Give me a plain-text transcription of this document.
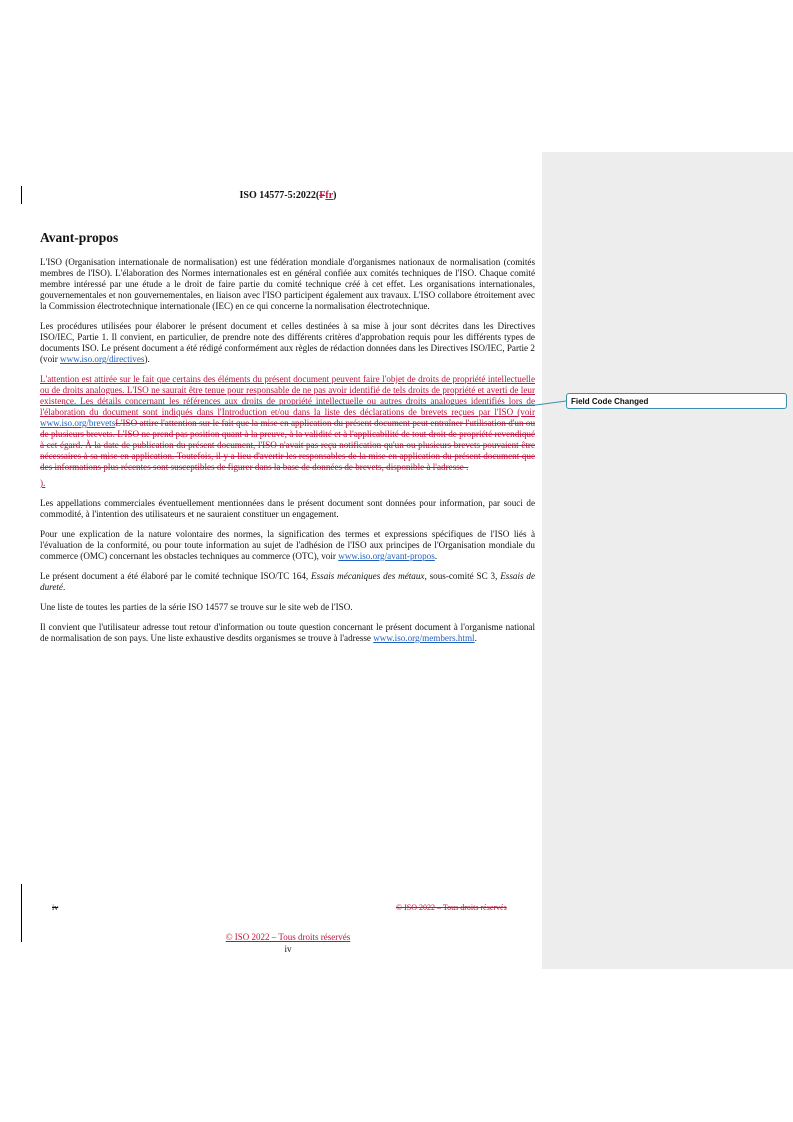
ISO 14577-5:2022(Ffr)
Avant-propos

L'ISO (Organisation internationale de normalisation) est une fédération mondiale d'organismes nationaux de normalisation (comités membres de l'ISO). L'élaboration des Normes internationales est en général confiée aux comités techniques de l'ISO. Chaque comité membre intéressé par une étude a le droit de faire partie du comité technique créé à cet effet. Les organisations internationales, gouvernementales et non gouvernementales, en liaison avec l'ISO participent également aux travaux. L'ISO collabore étroitement avec la Commission électrotechnique internationale (IEC) en ce qui concerne la normalisation électrotechnique.

Les procédures utilisées pour élaborer le présent document et celles destinées à sa mise à jour sont décrites dans les Directives ISO/IEC, Partie 1. Il convient, en particulier, de prendre note des différents critères d'approbation requis pour les différents types de documents ISO. Le présent document a été rédigé conformément aux règles de rédaction données dans les Directives ISO/IEC, Partie 2 (voir www.iso.org/directives).

L'attention est attirée sur le fait que certains des éléments du présent document peuvent faire l'objet de droits de propriété intellectuelle ou de droits analogues. L'ISO ne saurait être tenue pour responsable de ne pas avoir identifié de tels droits de propriété et averti de leur existence. Les détails concernant les références aux droits de propriété intellectuelle ou autres droits analogues identifiés lors de l'élaboration du document sont indiqués dans l'Introduction et/ou dans la liste des déclarations de brevets reçues par l'ISO (voir www.iso.org/brevetsL'ISO attire l'attention sur le fait que la mise en application du présent document peut entraîner l'utilisation d'un ou de plusieurs brevets. L'ISO ne prend pas position quant à la preuve, à la validité et à l'applicabilité de tout droit de propriété revendiqué à cet égard. À la date de publication du présent document, l'ISO n'avait pas reçu notification qu'un ou plusieurs brevets pouvaient être nécessaires à sa mise en application. Toutefois, il y a lieu d'avertir les responsables de la mise en application du présent document que des informations plus récentes sont susceptibles de figurer dans la base de données de brevets, disponible à l'adresse .

).

Les appellations commerciales éventuellement mentionnées dans le présent document sont données pour information, par souci de commodité, à l'intention des utilisateurs et ne sauraient constituer un engagement.

Pour une explication de la nature volontaire des normes, la signification des termes et expressions spécifiques de l'ISO liés à l'évaluation de la conformité, ou pour toute information au sujet de l'adhésion de l'ISO aux principes de l'Organisation mondiale du commerce (OMC) concernant les obstacles techniques au commerce (OTC), voir www.iso.org/avant-propos.

Le présent document a été élaboré par le comité technique ISO/TC 164, Essais mécaniques des métaux, sous-comité SC 3, Essais de dureté.

Une liste de toutes les parties de la série ISO 14577 se trouve sur le site web de l'ISO.

Il convient que l'utilisateur adresse tout retour d'information ou toute question concernant le présent document à l'organisme national de normalisation de son pays. Une liste exhaustive desdits organismes se trouve à l'adresse www.iso.org/members.html.

Field Code Changed
iv	© ISO 2022 – Tous droits réservés
© ISO 2022 – Tous droits réservés
iv
